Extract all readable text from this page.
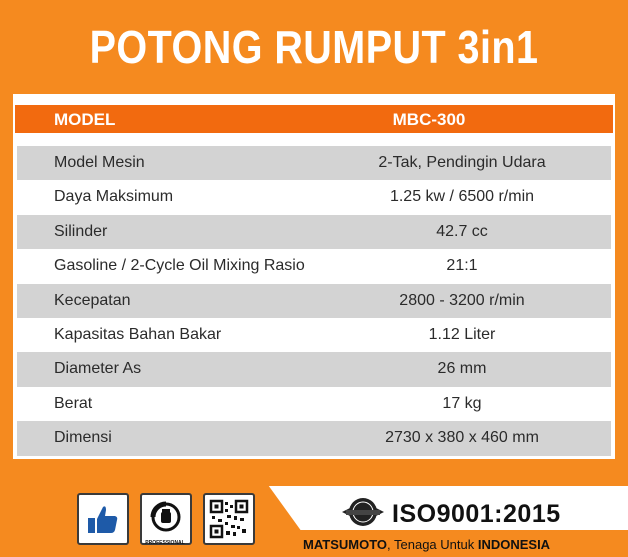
POTONG RUMPUT 3in1
MODEL	MBC-300
Model Mesin	2-Tak, Pendingin Udara
Daya Maksimum	1.25 kw / 6500 r/min
Silinder	42.7 cc
Gasoline / 2-Cycle Oil Mixing Rasio	21:1
Kecepatan	2800 - 3200 r/min
Kapasitas Bahan Bakar	1.12 Liter
Diameter As	26 mm
Berat	17 kg
Dimensi	2730 x 380 x 460 mm
PROFESSIONAL
ISO9001:2015
MATSUMOTO, Tenaga Untuk INDONESIA
